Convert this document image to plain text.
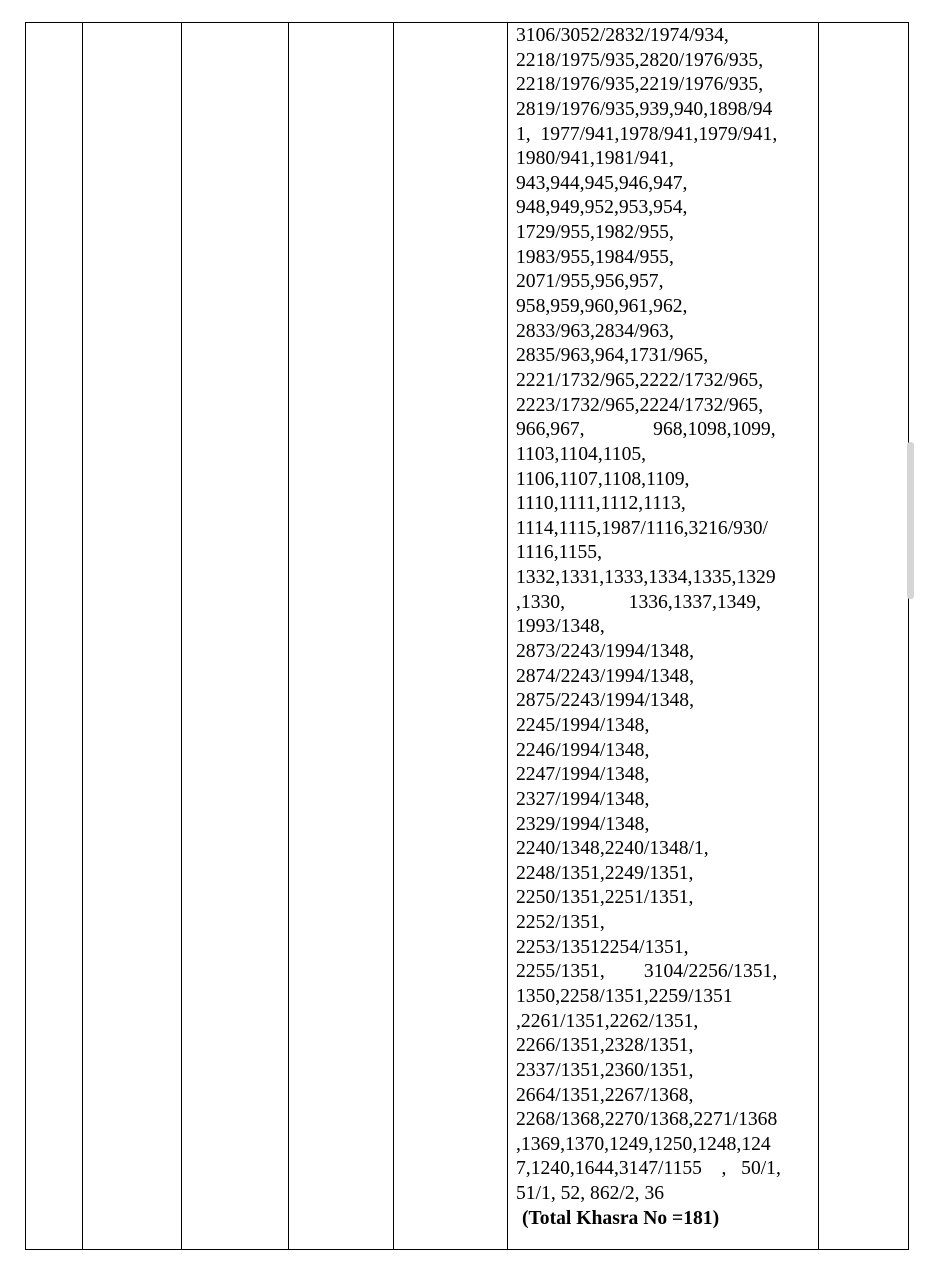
3106/3052/2832/1974/934,
2218/1975/935,2820/1976/935,
2218/1976/935,2219/1976/935,
2819/1976/935,939,940,1898/94
1,  1977/941,1978/941,1979/941,
1980/941,1981/941,
943,944,945,946,947,
948,949,952,953,954,
1729/955,1982/955,
1983/955,1984/955,
2071/955,956,957,
958,959,960,961,962,
2833/963,2834/963,
2835/963,964,1731/965,
2221/1732/965,2222/1732/965,
2223/1732/965,2224/1732/965,
966,967,              968,1098,1099,
1103,1104,1105,
1106,1107,1108,1109,
1110,1111,1112,1113,
1114,1115,1987/1116,3216/930/
1116,1155,
1332,1331,1333,1334,1335,1329
,1330,             1336,1337,1349,
1993/1348,
2873/2243/1994/1348,
2874/2243/1994/1348,
2875/2243/1994/1348,
2245/1994/1348,
2246/1994/1348,
2247/1994/1348,
2327/1994/1348,
2329/1994/1348,
2240/1348,2240/1348/1,
2248/1351,2249/1351,
2250/1351,2251/1351,
2252/1351,
2253/13512254/1351,
2255/1351,        3104/2256/1351,
1350,2258/1351,2259/1351
,2261/1351,2262/1351,
2266/1351,2328/1351,
2337/1351,2360/1351,
2664/1351,2267/1368,
2268/1368,2270/1368,2271/1368
,1369,1370,1249,1250,1248,124
7,1240,1644,3147/1155    ,   50/1,
51/1, 52, 862/2, 36
(Total Khasra No =181)
